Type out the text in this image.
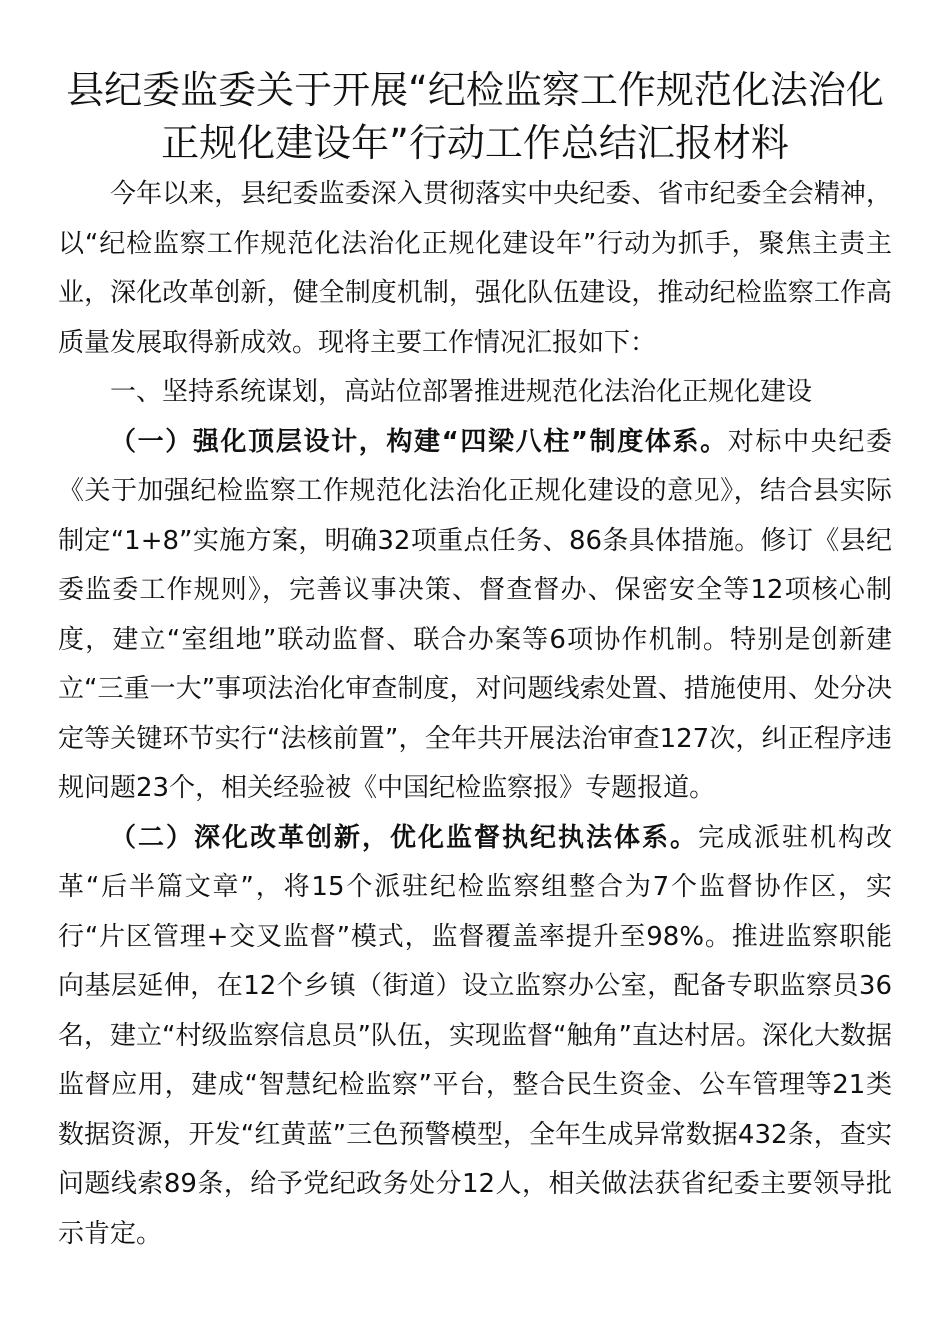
县纪委监委关于开展“纪检监察工作规范化法治化正规化建设年”行动工作总结汇报材料

今年以来，县纪委监委深入贯彻落实中央纪委、省市纪委全会精神，以“纪检监察工作规范化法治化正规化建设年”行动为抓手，聚焦主责主业，深化改革创新，健全制度机制，强化队伍建设，推动纪检监察工作高质量发展取得新成效。现将主要工作情况汇报如下：

一、坚持系统谋划，高站位部署推进规范化法治化正规化建设

（一）强化顶层设计，构建“四梁八柱”制度体系。对标中央纪委《关于加强纪检监察工作规范化法治化正规化建设的意见》，结合县实际制定“1+8”实施方案，明确32项重点任务、86条具体措施。修订《县纪委监委工作规则》，完善议事决策、督查督办、保密安全等12项核心制度，建立“室组地”联动监督、联合办案等6项协作机制。特别是创新建立“三重一大”事项法治化审查制度，对问题线索处置、措施使用、处分决定等关键环节实行“法核前置”，全年共开展法治审查127次，纠正程序违规问题23个，相关经验被《中国纪检监察报》专题报道。

（二）深化改革创新，优化监督执纪执法体系。完成派驻机构改革“后半篇文章”，将15个派驻纪检监察组整合为7个监督协作区，实行“片区管理+交叉监督”模式，监督覆盖率提升至98%。推进监察职能向基层延伸，在12个乡镇（街道）设立监察办公室，配备专职监察员36名，建立“村级监察信息员”队伍，实现监督“触角”直达村居。深化大数据监督应用，建成“智慧纪检监察”平台，整合民生资金、公车管理等21类数据资源，开发“红黄蓝”三色预警模型，全年生成异常数据432条，查实问题线索89条，给予党纪政务处分12人，相关做法获省纪委主要领导批示肯定。
